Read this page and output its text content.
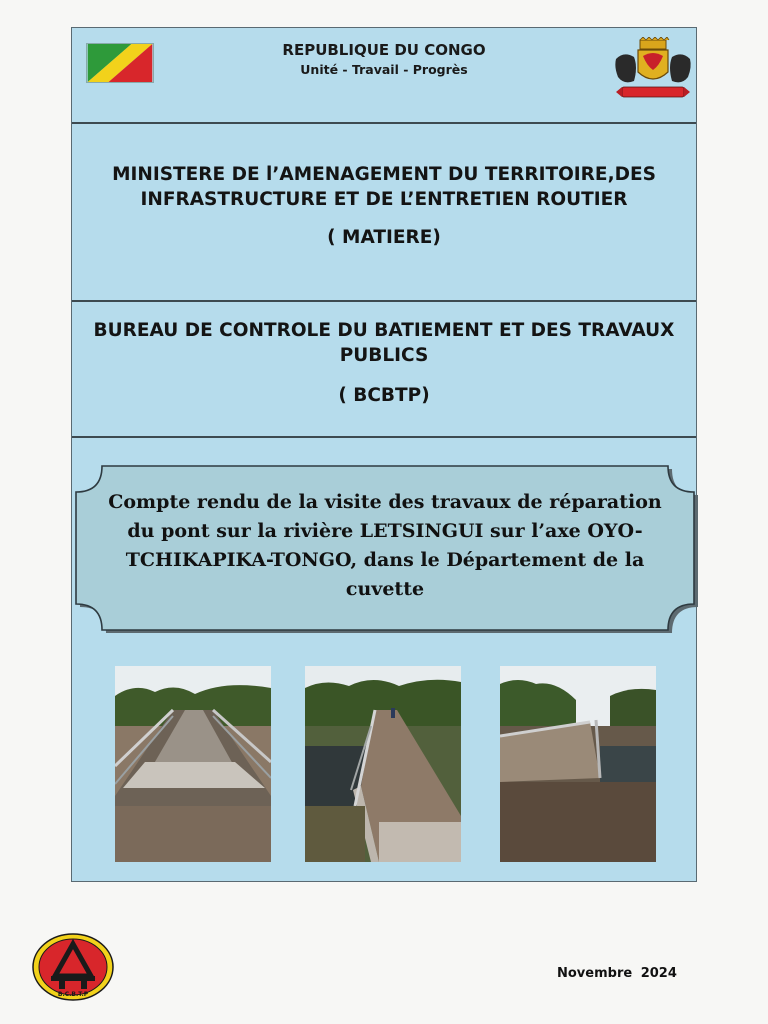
REPUBLIQUE DU CONGO
Unité - Travail - Progrès
MINISTERE DE l’AMENAGEMENT DU TERRITOIRE,DES INFRASTRUCTURE ET DE L’ENTRETIEN ROUTIER
( MATIERE)
BUREAU DE CONTROLE DU BATIEMENT ET DES TRAVAUX PUBLICS
( BCBTP)
Compte rendu de la visite des travaux de réparation du pont sur la rivière LETSINGUI sur l’axe OYO-TCHIKAPIKA-TONGO, dans le Département de la cuvette
B.C.B.T.P
Novembre 2024
